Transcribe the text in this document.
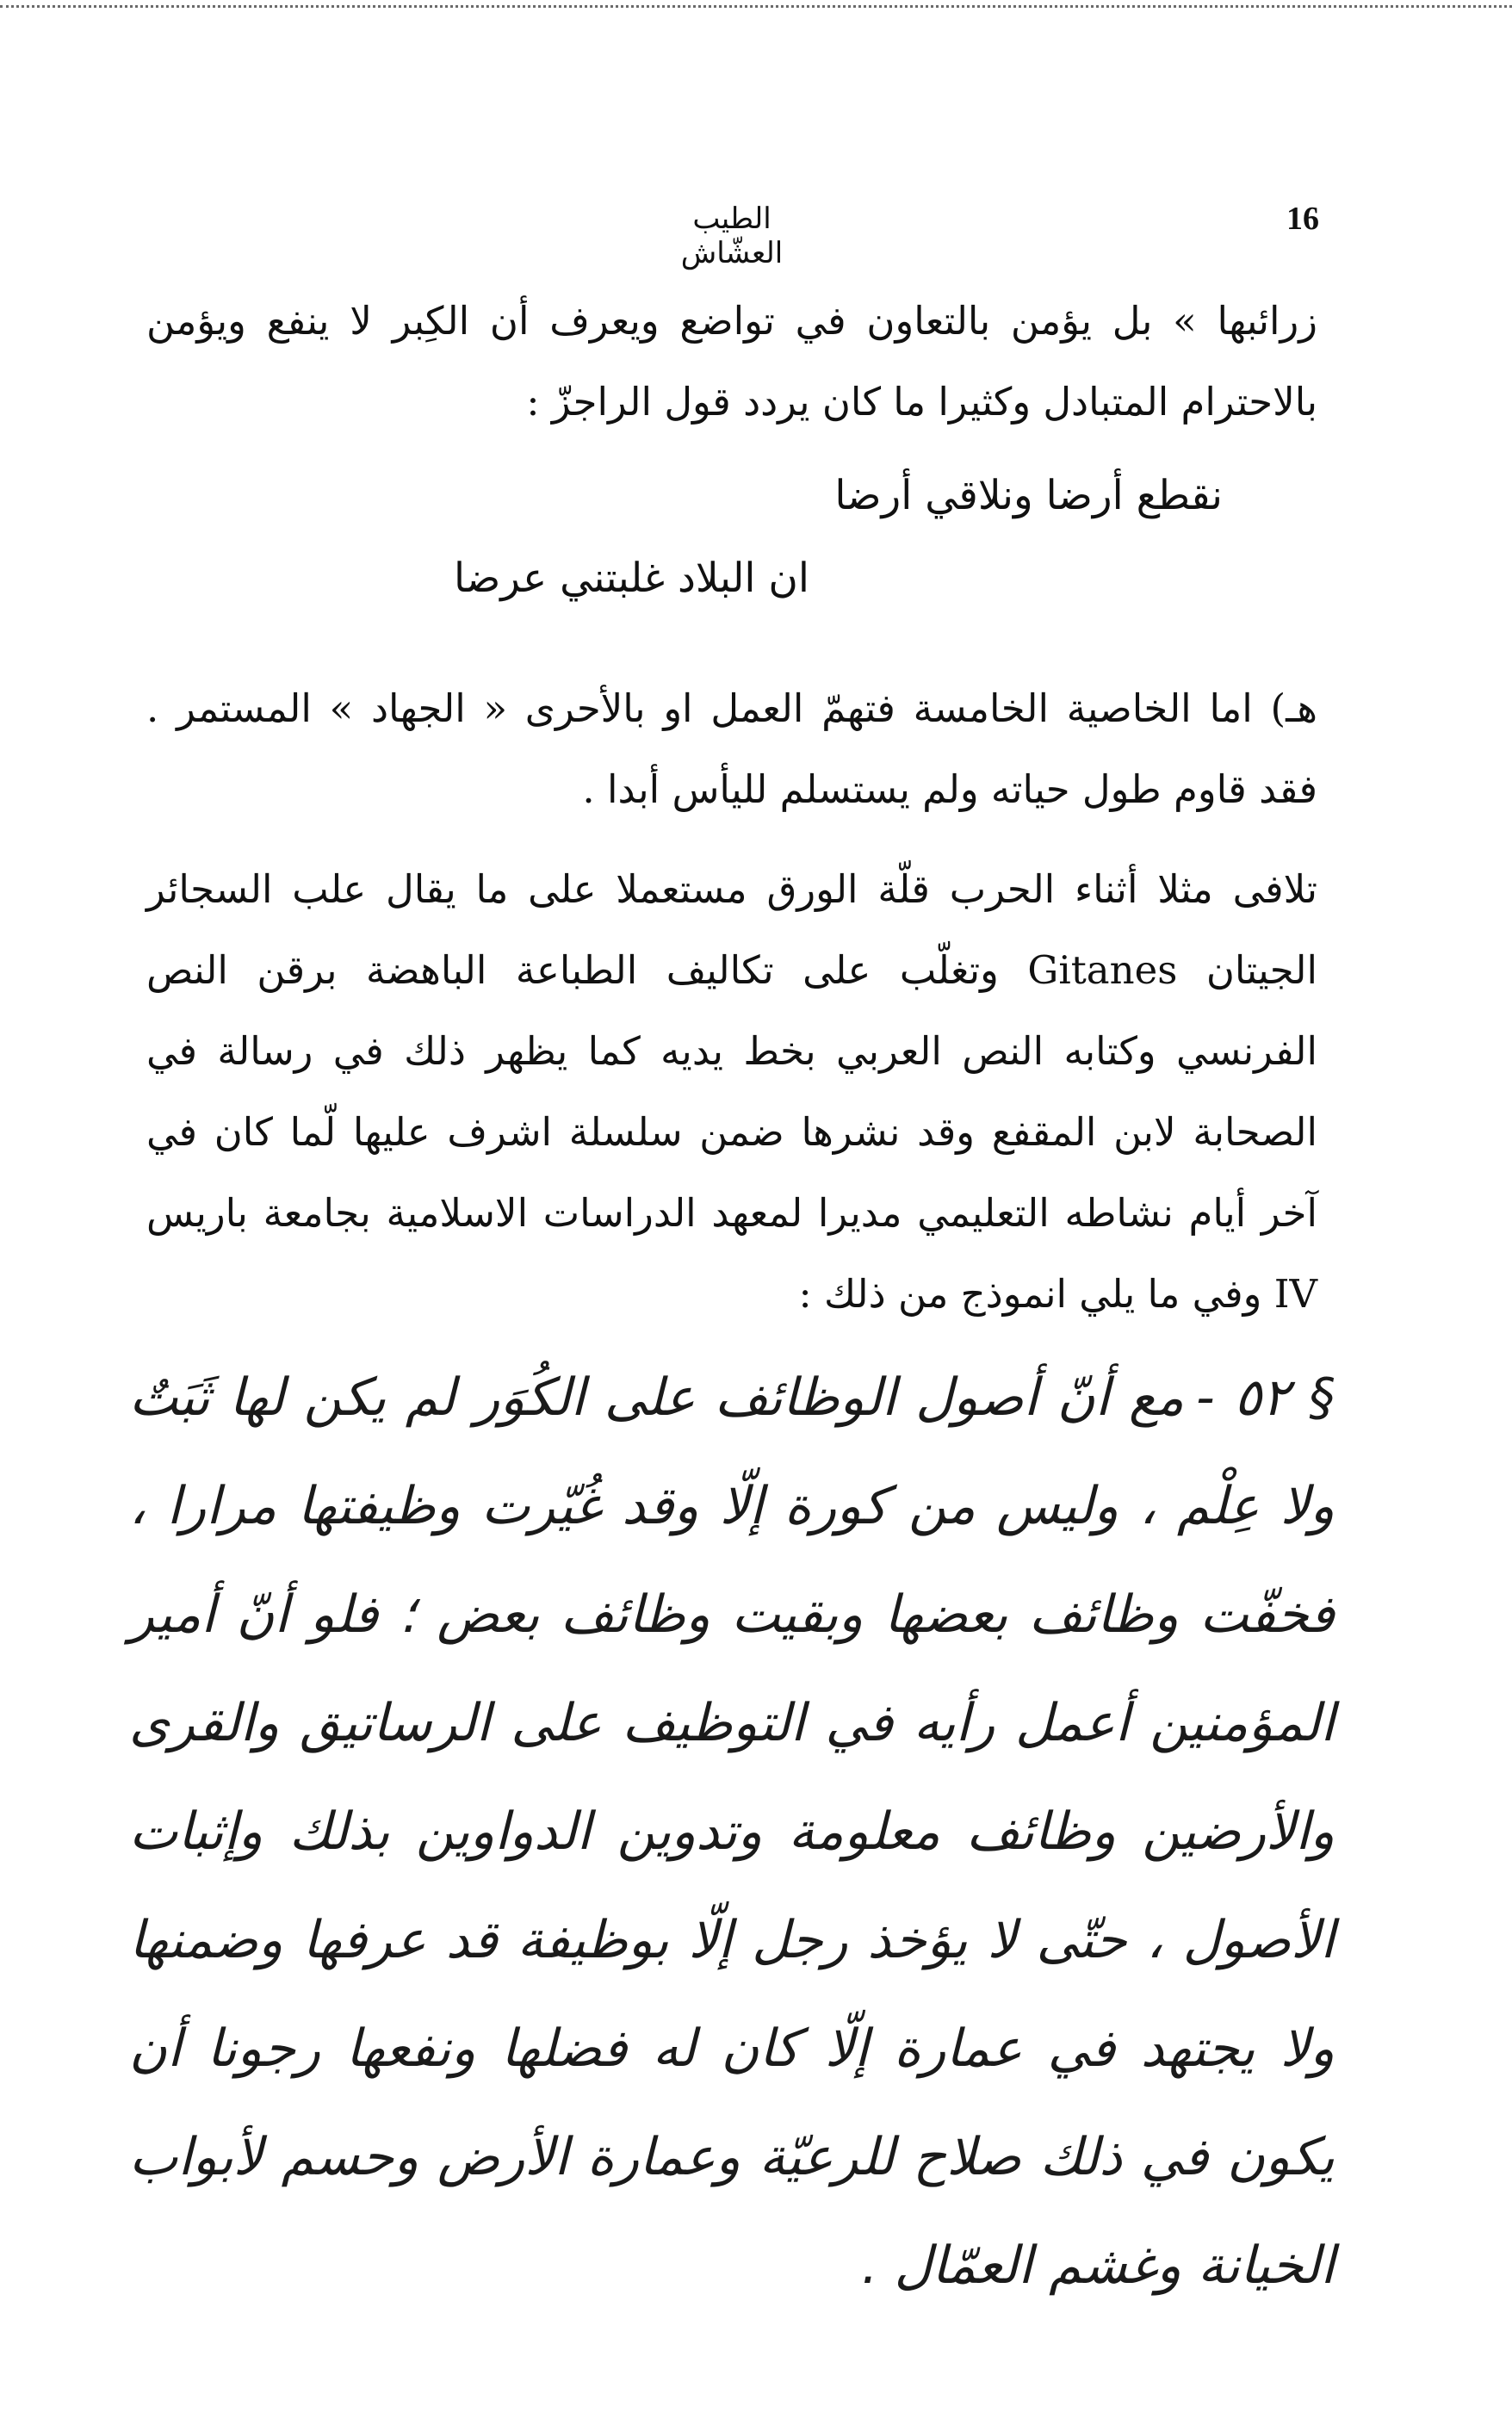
16
الطيب العشّاش

زرائبها » بل يؤمن بالتعاون في تواضع ويعرف أن الكِبر لا ينفع ويؤمن بالاحترام المتبادل وكثيرا ما كان يردد قول الراجزّ :

نقطع أرضا ونلاقي أرضا
ان البلاد غلبتني عرضا

هـ) اما الخاصية الخامسة فتهمّ العمل او بالأحرى « الجهاد » المستمر . فقد قاوم طول حياته ولم يستسلم لليأس أبدا .

تلافى مثلا أثناء الحرب قلّة الورق مستعملا على ما يقال علب السجائر الجيتان Gitanes وتغلّب على تكاليف الطباعة الباهضة برقن النص الفرنسي وكتابه النص العربي بخط يديه كما يظهر ذلك في رسالة في الصحابة لابن المقفع وقد نشرها ضمن سلسلة اشرف عليها لّما كان في آخر أيام نشاطه التعليمي مديرا لمعهد الدراسات الاسلامية بجامعة باريس IV وفي ما يلي انموذج من ذلك :

§ ٥٢ -مع أنّ أصول الوظائف على الكُوَر لم يكن لها ثَبَتٌ ولا عِلْم ، وليس من كورة إلّا وقد غُيّرت وظيفتها مرارا ، فخفّت وظائف بعضها وبقيت وظائف بعض ؛ فلو أنّ أمير المؤمنين أعمل رأيه في التوظيف على الرساتيق والقرى والأرضين وظائف معلومة وتدوين الدواوين بذلك وإثبات الأصول ، حتّى لا يؤخذ رجل إلّا بوظيفة قد عرفها وضمنها ولا يجتهد في عمارة إلّا كان له فضلها ونفعها رجونا أن يكون في ذلك صلاح للرعيّة وعمارة الأرض وحسم لأبواب الخيانة وغشم العمّال .
